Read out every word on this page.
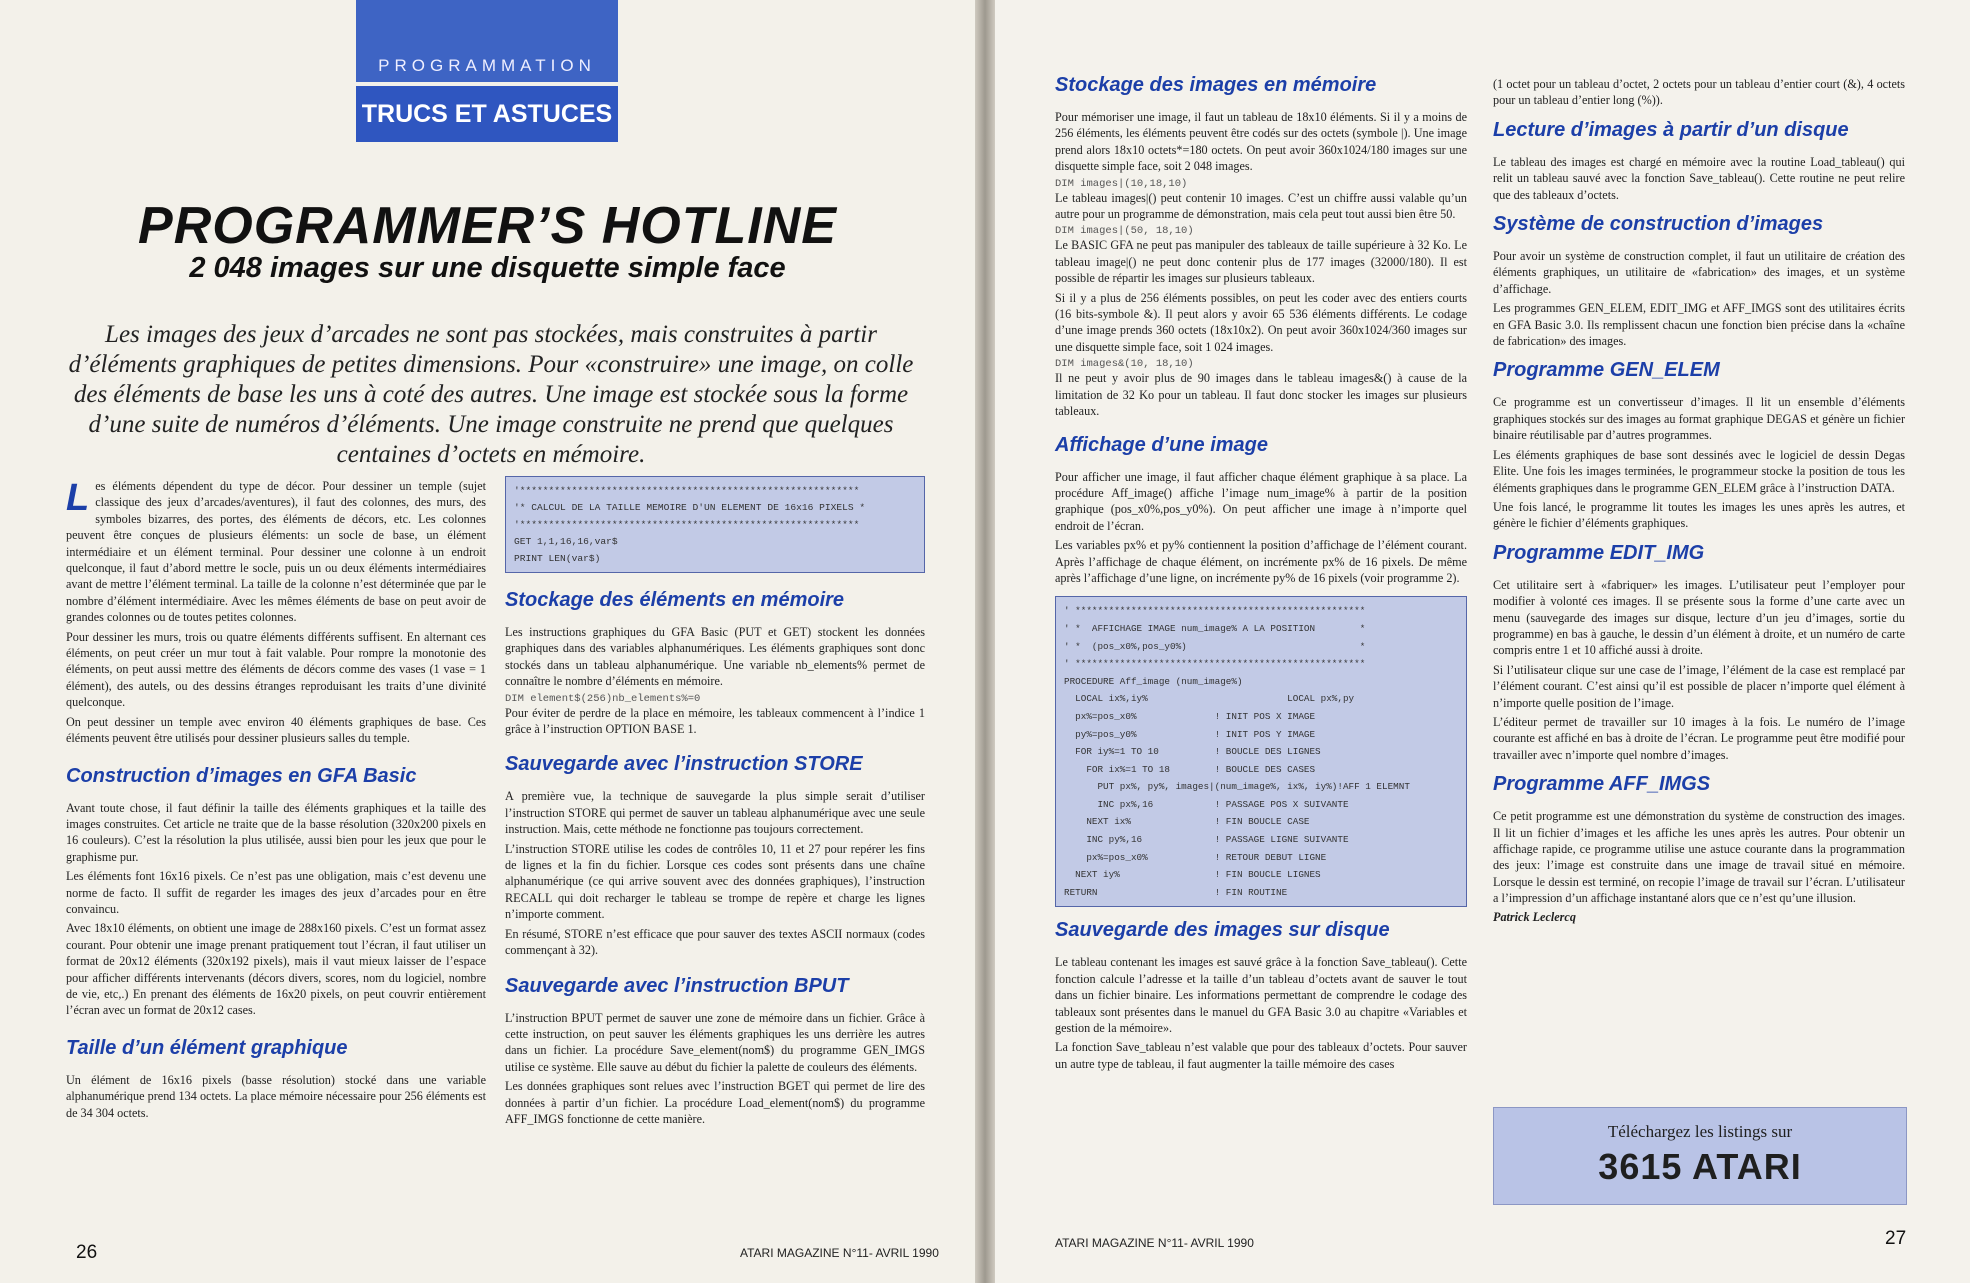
PROGRAMMATION
TRUCS ET ASTUCES
PROGRAMMER’S HOTLINE
2 048 images sur une disquette simple face
Les images des jeux d’arcades ne sont pas stockées, mais construites à partir d’éléments graphiques de petites dimensions. Pour «construire» une image, on colle des éléments de base les uns à coté des autres. Une image est stockée sous la forme d’une suite de numéros d’éléments. Une image construite ne prend que quelques centaines d’octets en mémoire.

Les éléments dépendent du type de décor. Pour dessiner un temple (sujet classique des jeux d’arcades/aventures), il faut des colonnes, des murs, des symboles bizarres, des portes, des éléments de décors, etc. Les colonnes peuvent être conçues de plusieurs éléments: un socle de base, un élément intermédiaire et un élément terminal. Pour dessiner une colonne à un endroit quelconque, il faut d’abord mettre le socle, puis un ou deux éléments intermédiaires avant de mettre l’élément terminal. La taille de la colonne n’est déterminée que par le nombre d’élément intermédiaire. Avec les mêmes éléments de base on peut avoir de grandes colonnes ou de toutes petites colonnes.

Pour dessiner les murs, trois ou quatre éléments différents suffisent. En alternant ces éléments, on peut créer un mur tout à fait valable. Pour rompre la monotonie des éléments, on peut aussi mettre des éléments de décors comme des vases (1 vase = 1 élément), des autels, ou des dessins étranges reproduisant les traits d’une divinité quelconque.

On peut dessiner un temple avec environ 40 éléments graphiques de base. Ces éléments peuvent être utilisés pour dessiner plusieurs salles du temple.

Construction d’images en GFA Basic

Avant toute chose, il faut définir la taille des éléments graphiques et la taille des images construites. Cet article ne traite que de la basse résolution (320x200 pixels en 16 couleurs). C’est la résolution la plus utilisée, aussi bien pour les jeux que pour le graphisme pur.

Les éléments font 16x16 pixels. Ce n’est pas une obligation, mais c’est devenu une norme de facto. Il suffit de regarder les images des jeux d’arcades pour en être convaincu.

Avec 18x10 éléments, on obtient une image de 288x160 pixels. C’est un format assez courant. Pour obtenir une image prenant pratiquement tout l’écran, il faut utiliser un format de 20x12 éléments (320x192 pixels), mais il vaut mieux laisser de l’espace pour afficher différents intervenants (décors divers, scores, nom du logiciel, nombre de vie, etc,.) En prenant des éléments de 16x20 pixels, on peut couvrir entièrement l’écran avec un format de 20x12 cases.

Taille d’un élément graphique

Un élément de 16x16 pixels (basse résolution) stocké dans une variable alphanumérique prend 134 octets. La place mémoire nécessaire pour 256 éléments est de 34 304 octets.

'***********************************************************
'* CALCUL DE LA TAILLE MEMOIRE D'UN ELEMENT DE 16x16 PIXELS *
'***********************************************************
GET 1,1,16,16,var$
PRINT LEN(var$)
Stockage des éléments en mémoire

Les instructions graphiques du GFA Basic (PUT et GET) stockent les données graphiques dans des variables alphanumériques. Les éléments graphiques sont donc stockés dans un tableau alphanumérique. Une variable nb_elements% permet de connaître le nombre d’éléments en mémoire.

DIM element$(256)nb_elements%=0

Pour éviter de perdre de la place en mémoire, les tableaux commencent à l’indice 1 grâce à l’instruction OPTION BASE 1.

Sauvegarde avec l’instruction STORE

A première vue, la technique de sauvegarde la plus simple serait d’utiliser l’instruction STORE qui permet de sauver un tableau alphanumérique avec une seule instruction. Mais, cette méthode ne fonctionne pas toujours correctement.

L’instruction STORE utilise les codes de contrôles 10, 11 et 27 pour repérer les fins de lignes et la fin du fichier. Lorsque ces codes sont présents dans une chaîne alphanumérique (ce qui arrive souvent avec des données graphiques), l’instruction RECALL qui doit recharger le tableau se trompe de repère et charge les lignes n’importe comment.

En résumé, STORE n’est efficace que pour sauver des textes ASCII normaux (codes commençant à 32).

Sauvegarde avec l’instruction BPUT

L’instruction BPUT permet de sauver une zone de mémoire dans un fichier. Grâce à cette instruction, on peut sauver les éléments graphiques les uns derrière les autres dans un fichier. La procédure Save_element(nom$) du programme GEN_IMGS utilise ce système. Elle sauve au début du fichier la palette de couleurs des éléments.

Les données graphiques sont relues avec l’instruction BGET qui permet de lire des données à partir d’un fichier. La procédure Load_element(nom$) du programme AFF_IMGS fonctionne de cette manière.

26	ATARI MAGAZINE N°11- AVRIL 1990
Stockage des images en mémoire

Pour mémoriser une image, il faut un tableau de 18x10 éléments. Si il y a moins de 256 éléments, les éléments peuvent être codés sur des octets (symbole |). Une image prend alors 18x10 octets*=180 octets. On peut avoir 360x1024/180 images sur une disquette simple face, soit 2 048 images.

DIM images|(10,18,10)

Le tableau images|() peut contenir 10 images. C’est un chiffre aussi valable qu’un autre pour un programme de démonstration, mais cela peut tout aussi bien être 50.

DIM images|(50, 18,10)

Le BASIC GFA ne peut pas manipuler des tableaux de taille supérieure à 32 Ko. Le tableau image|() ne peut donc contenir plus de 177 images (32000/180). Il est possible de répartir les images sur plusieurs tableaux.

Si il y a plus de 256 éléments possibles, on peut les coder avec des entiers courts (16 bits-symbole &). Il peut alors y avoir 65 536 éléments différents. Le codage d’une image prends 360 octets (18x10x2). On peut avoir 360x1024/360 images sur une disquette simple face, soit 1 024 images.

DIM images&(10, 18,10)

Il ne peut y avoir plus de 90 images dans le tableau images&() à cause de la limitation de 32 Ko pour un tableau. Il faut donc stocker les images sur plusieurs tableaux.

Affichage d’une image

Pour afficher une image, il faut afficher chaque élément graphique à sa place. La procédure Aff_image() affiche l’image num_image% à partir de la position graphique (pos_x0%,pos_y0%). On peut afficher une image à n’importe quel endroit de l’écran.

Les variables px% et py% contiennent la position d’affichage de l’élément courant. Après l’affichage de chaque élément, on incrémente px% de 16 pixels. De même après l’affichage d’une ligne, on incrémente py% de 16 pixels (voir programme 2).

' ****************************************************
' *  AFFICHAGE IMAGE num_image% A LA POSITION        *
' *  (pos_x0%,pos_y0%)                               *
' ****************************************************
PROCEDURE Aff_image (num_image%)
LOCAL ix%,iy%                         LOCAL px%,py
px%=pos_x0%              ! INIT POS X IMAGE
py%=pos_y0%              ! INIT POS Y IMAGE
FOR iy%=1 TO 10          ! BOUCLE DES LIGNES
FOR ix%=1 TO 18        ! BOUCLE DES CASES
PUT px%, py%, images|(num_image%, ix%, iy%)!AFF 1 ELEMNT
INC px%,16           ! PASSAGE POS X SUIVANTE
NEXT ix%               ! FIN BOUCLE CASE
INC py%,16             ! PASSAGE LIGNE SUIVANTE
px%=pos_x0%            ! RETOUR DEBUT LIGNE
NEXT iy%                 ! FIN BOUCLE LIGNES
RETURN                     ! FIN ROUTINE
Sauvegarde des images sur disque

Le tableau contenant les images est sauvé grâce à la fonction Save_tableau(). Cette fonction calcule l’adresse et la taille d’un tableau d’octets avant de sauver le tout dans un fichier binaire. Les informations permettant de comprendre le codage des tableaux sont présentes dans le manuel du GFA Basic 3.0 au chapitre «Variables et gestion de la mémoire».

La fonction Save_tableau n’est valable que pour des tableaux d’octets. Pour sauver un autre type de tableau, il faut augmenter la taille mémoire des cases

(1 octet pour un tableau d’octet, 2 octets pour un tableau d’entier court (&), 4 octets pour un tableau d’entier long (%)).

Lecture d’images à partir d’un disque

Le tableau des images est chargé en mémoire avec la routine Load_tableau() qui relit un tableau sauvé avec la fonction Save_tableau(). Cette routine ne peut relire que des tableaux d’octets.

Système de construction d’images

Pour avoir un système de construction complet, il faut un utilitaire de création des éléments graphiques, un utilitaire de «fabrication» des images, et un système d’affichage.

Les programmes GEN_ELEM, EDIT_IMG et AFF_IMGS sont des utilitaires écrits en GFA Basic 3.0. Ils remplissent chacun une fonction bien précise dans la «chaîne de fabrication» des images.

Programme GEN_ELEM

Ce programme est un convertisseur d’images. Il lit un ensemble d’éléments graphiques stockés sur des images au format graphique DEGAS et génère un fichier binaire réutilisable par d’autres programmes.

Les éléments graphiques de base sont dessinés avec le logiciel de dessin Degas Elite. Une fois les images terminées, le programmeur stocke la position de tous les éléments graphiques dans le programme GEN_ELEM grâce à l’instruction DATA.

Une fois lancé, le programme lit toutes les images les unes après les autres, et génère le fichier d’éléments graphiques.

Programme EDIT_IMG

Cet utilitaire sert à «fabriquer» les images. L’utilisateur peut l’employer pour modifier à volonté ces images. Il se présente sous la forme d’une carte avec un menu (sauvegarde des images sur disque, lecture d’un jeu d’images, sortie du programme) en bas à gauche, le dessin d’un élément à droite, et un numéro de carte compris entre 1 et 10 affiché aussi à droite.

Si l’utilisateur clique sur une case de l’image, l’élément de la case est remplacé par l’élément courant. C’est ainsi qu’il est possible de placer n’importe quel élément à n’importe quelle position de l’image.

L’éditeur permet de travailler sur 10 images à la fois. Le numéro de l’image courante est affiché en bas à droite de l’écran. Le programme peut être modifié pour travailler avec n’importe quel nombre d’images.

Programme AFF_IMGS

Ce petit programme est une démonstration du système de construction des images. Il lit un fichier d’images et les affiche les unes après les autres. Pour obtenir un affichage rapide, ce programme utilise une astuce courante dans la programmation des jeux: l’image est construite dans une image de travail situé en mémoire. Lorsque le dessin est terminé, on recopie l’image de travail sur l’écran. L’utilisateur a l’impression d’un affichage instantané alors que ce n’est qu’une illusion.

Patrick Leclercq
Téléchargez les listings sur
3615 ATARI
ATARI MAGAZINE N°11- AVRIL 1990	27
